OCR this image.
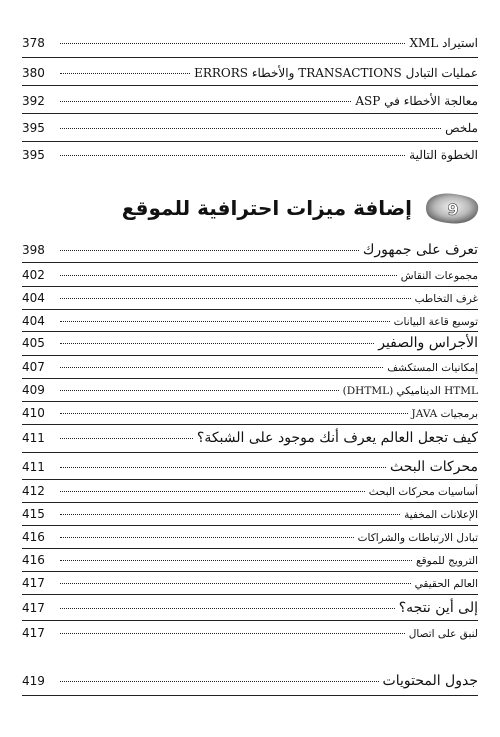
استيراد XML
378
عمليات التبادل TRANSACTIONS والأخطاء ERRORS
380
معالجة الأخطاء في ASP
392
ملخص
395
الخطوة التالية
395
إضافة ميزات احترافية للموقع 9
تعرف على جمهورك
398
مجموعات النقاش
402
غرف التخاطب
404
توسيع قاعة البيانات
404
الأجراس والصفير
405
إمكانيات المستكشف
407
HTML الديناميكي (DHTML)
409
برمجيات JAVA
410
كيف تجعل العالم يعرف أنك موجود على الشبكة؟
411
محركات البحث
411
أساسيات محركات البحث
412
الإعلانات المخفية
415
تبادل الارتباطات والشراكات
416
الترويج للموقع
416
العالم الحقيقي
417
إلى أين نتجه؟
417
لنبق على اتصال
417
جدول المحتويات
419
